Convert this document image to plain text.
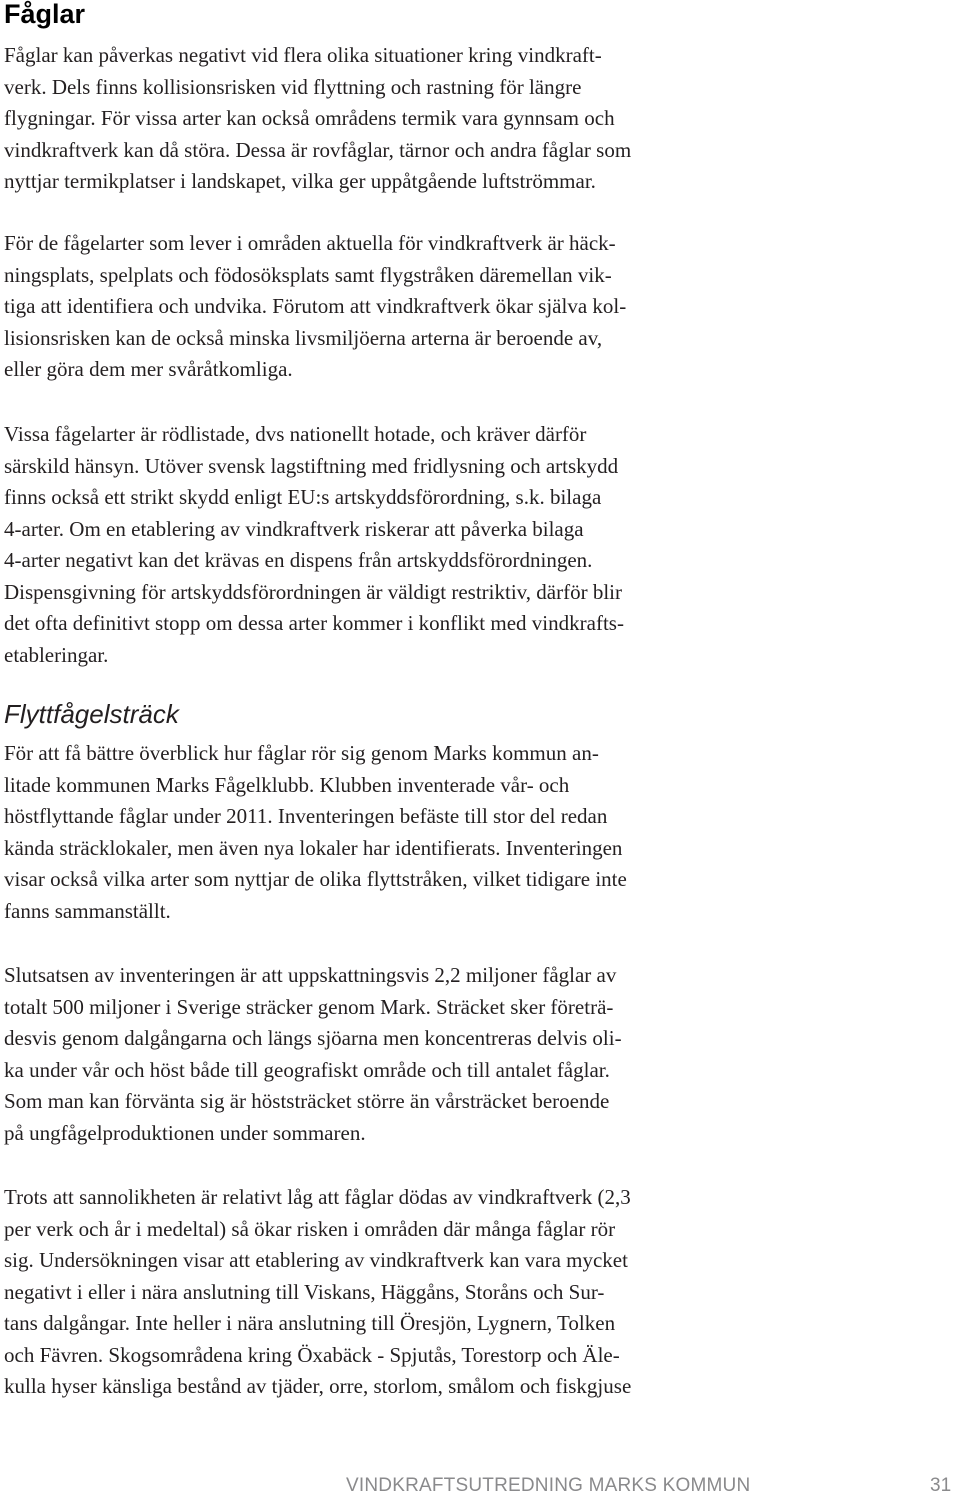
Fåglar

Fåglar kan påverkas negativt vid flera olika situationer kring vindkraft-
verk. Dels finns kollisionsrisken vid flyttning och rastning för längre
flygningar. För vissa arter kan också områdens termik vara gynnsam och
vindkraftverk kan då störa. Dessa är rovfåglar, tärnor och andra fåglar som
nyttjar termikplatser i landskapet, vilka ger uppåtgående luftströmmar.

För de fågelarter som lever i områden aktuella för vindkraftverk är häck-
ningsplats, spelplats och födosöksplats samt flygstråken däremellan vik-
tiga att identifiera och undvika. Förutom att vindkraftverk ökar själva kol-
lisionsrisken kan de också minska livsmiljöerna arterna är beroende av,
eller göra dem mer svåråtkomliga.

Vissa fågelarter är rödlistade, dvs nationellt hotade, och kräver därför
särskild hänsyn. Utöver svensk lagstiftning med fridlysning och artskydd
finns också ett strikt skydd enligt EU:s artskyddsförordning, s.k. bilaga
4-arter. Om en etablering av vindkraftverk riskerar att påverka bilaga
4-arter negativt kan det krävas en dispens från artskyddsförordningen.
Dispensgivning för artskyddsförordningen är väldigt restriktiv, därför blir
det ofta definitivt stopp om dessa arter kommer i konflikt med vindkrafts-
etableringar.

Flyttfågelsträck

För att få bättre överblick hur fåglar rör sig genom Marks kommun an-
litade kommunen Marks Fågelklubb. Klubben inventerade vår- och
höstflyttande fåglar under 2011. Inventeringen befäste till stor del redan
kända sträcklokaler, men även nya lokaler har identifierats. Inventeringen
visar också vilka arter som nyttjar de olika flyttstråken, vilket tidigare inte
fanns sammanställt.

Slutsatsen av inventeringen är att uppskattningsvis 2,2 miljoner fåglar av
totalt 500 miljoner i Sverige sträcker genom Mark. Sträcket sker företrä-
desvis genom dalgångarna och längs sjöarna men koncentreras delvis oli-
ka under vår och höst både till geografiskt område och till antalet fåglar.
Som man kan förvänta sig är höststräcket större än vårsträcket beroende
på ungfågelproduktionen under sommaren.

Trots att sannolikheten är relativt låg att fåglar dödas av vindkraftverk (2,3
per verk och år i medeltal) så ökar risken i områden där många fåglar rör
sig. Undersökningen visar att etablering av vindkraftverk kan vara mycket
negativt i eller i nära anslutning till Viskans, Häggåns, Storåns och Sur-
tans dalgångar. Inte heller i nära anslutning till Öresjön, Lygnern, Tolken
och Fävren. Skogsområdena kring Öxabäck - Spjutås, Torestorp och Äle-
kulla hyser känsliga bestånd av tjäder, orre, storlom, smålom och fiskgjuse

VINDKRAFTSUTREDNING MARKS KOMMUN	31
